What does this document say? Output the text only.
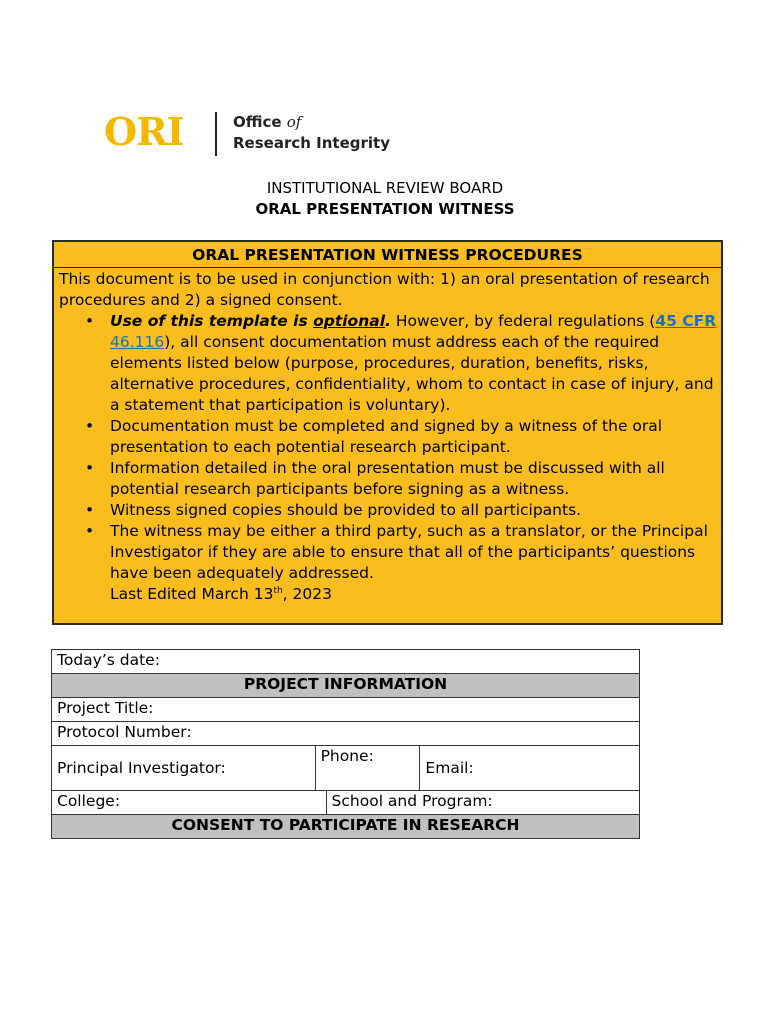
ORI	Office of
Research Integrity
INSTITUTIONAL REVIEW BOARD
ORAL PRESENTATION WITNESS
ORAL PRESENTATION WITNESS PROCEDURES

This document is to be used in conjunction with: 1) an oral presentation of research procedures and 2) a signed consent.

• Use of this template is optional. However, by federal regulations (45 CFR 46.116), all consent documentation must address each of the required elements listed below (purpose, procedures, duration, benefits, risks, alternative procedures, confidentiality, whom to contact in case of injury, and a statement that participation is voluntary).
• Documentation must be completed and signed by a witness of the oral presentation to each potential research participant.
• Information detailed in the oral presentation must be discussed with all potential research participants before signing as a witness.
• Witness signed copies should be provided to all participants.
• The witness may be either a third party, such as a translator, or the Principal Investigator if they are able to ensure that all of the participants’ questions have been adequately addressed.
Last Edited March 13th, 2023
Today’s date:			
PROJECT INFORMATION			
Project Title:			
Protocol Number:			
Principal Investigator:	Phone:		Email:
College:		School and Program:	
CONSENT TO PARTICIPATE IN RESEARCH			
